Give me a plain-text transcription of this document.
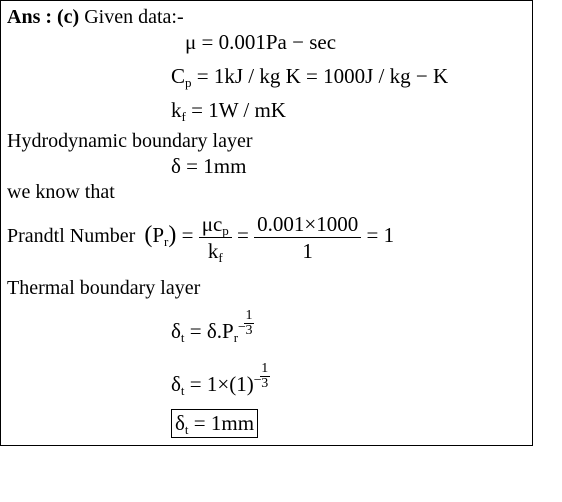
Ans : (c) Given data:-
μ = 0.001Pa − sec
$C_p = 1kJ$ / kg K = 1000J / kg − K
$k_f = 1W$ / mK
Hydrodynamic boundary layer
δ = 1mm
we know that
Prandtl Number $(P_r) = \frac{\mu c_p}{k_f} = \frac{0.001\times 1000}{1} = 1$
Thermal boundary layer
$\delta_t = \delta.P_r$
−
1
3
$\delta_t = 1\times(1)$ −
1
3
$\delta_t = 1mm$
